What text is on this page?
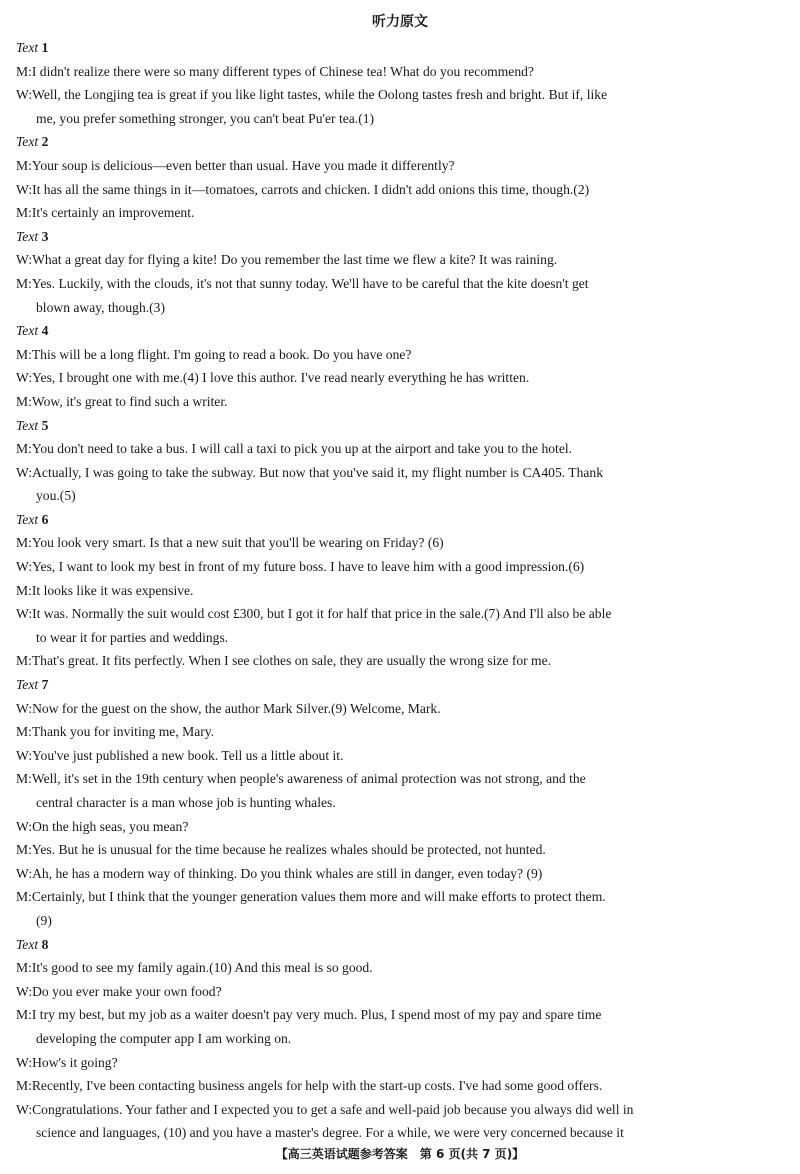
听力原文
Text 1
M:I didn't realize there were so many different types of Chinese tea! What do you recommend?
W:Well, the Longjing tea is great if you like light tastes, while the Oolong tastes fresh and bright. But if, like
me, you prefer something stronger, you can't beat Pu'er tea.(1)
Text 2
M:Your soup is delicious—even better than usual. Have you made it differently?
W:It has all the same things in it—tomatoes, carrots and chicken. I didn't add onions this time, though.(2)
M:It's certainly an improvement.
Text 3
W:What a great day for flying a kite! Do you remember the last time we flew a kite? It was raining.
M:Yes. Luckily, with the clouds, it's not that sunny today. We'll have to be careful that the kite doesn't get
blown away, though.(3)
Text 4
M:This will be a long flight. I'm going to read a book. Do you have one?
W:Yes, I brought one with me.(4) I love this author. I've read nearly everything he has written.
M:Wow, it's great to find such a writer.
Text 5
M:You don't need to take a bus. I will call a taxi to pick you up at the airport and take you to the hotel.
W:Actually, I was going to take the subway. But now that you've said it, my flight number is CA405. Thank
you.(5)
Text 6
M:You look very smart. Is that a new suit that you'll be wearing on Friday? (6)
W:Yes, I want to look my best in front of my future boss. I have to leave him with a good impression.(6)
M:It looks like it was expensive.
W:It was. Normally the suit would cost £300, but I got it for half that price in the sale.(7) And I'll also be able
to wear it for parties and weddings.
M:That's great. It fits perfectly. When I see clothes on sale, they are usually the wrong size for me.
Text 7
W:Now for the guest on the show, the author Mark Silver.(9) Welcome, Mark.
M:Thank you for inviting me, Mary.
W:You've just published a new book. Tell us a little about it.
M:Well, it's set in the 19th century when people's awareness of animal protection was not strong, and the
central character is a man whose job is hunting whales.
W:On the high seas, you mean?
M:Yes. But he is unusual for the time because he realizes whales should be protected, not hunted.
W:Ah, he has a modern way of thinking. Do you think whales are still in danger, even today? (9)
M:Certainly, but I think that the younger generation values them more and will make efforts to protect them.
(9)
Text 8
M:It's good to see my family again.(10) And this meal is so good.
W:Do you ever make your own food?
M:I try my best, but my job as a waiter doesn't pay very much. Plus, I spend most of my pay and spare time
developing the computer app I am working on.
W:How's it going?
M:Recently, I've been contacting business angels for help with the start-up costs. I've had some good offers.
W:Congratulations. Your father and I expected you to get a safe and well-paid job because you always did well in
science and languages, (10) and you have a master's degree. For a while, we were very concerned because it
【高三英语试题参考答案　第 6 页(共 7 页)】
